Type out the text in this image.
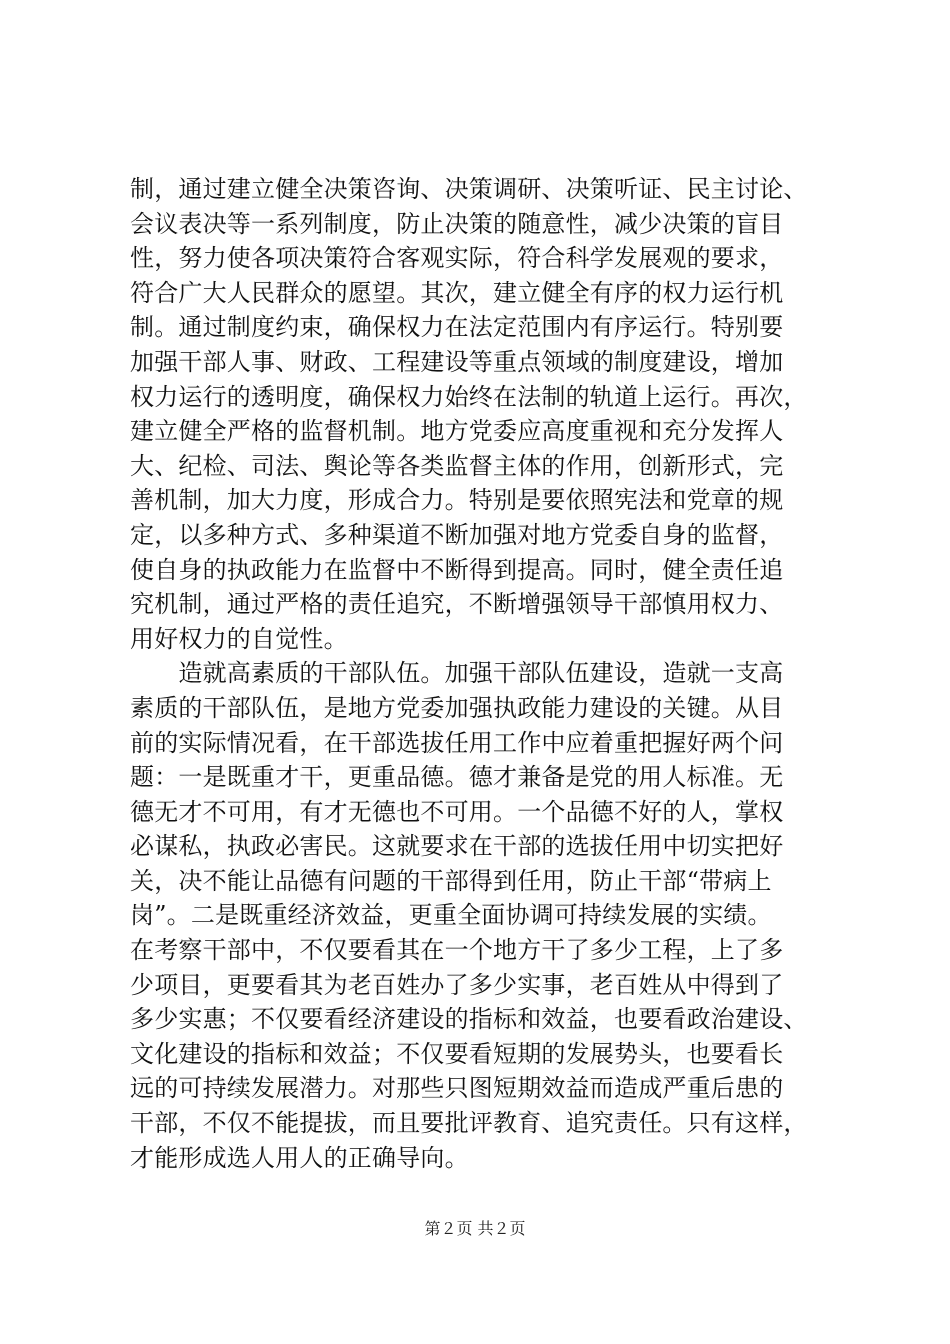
制，通过建立健全决策咨询、决策调研、决策听证、民主讨论、
会议表决等一系列制度，防止决策的随意性，减少决策的盲目
性，努力使各项决策符合客观实际，符合科学发展观的要求，
符合广大人民群众的愿望。其次，建立健全有序的权力运行机
制。通过制度约束，确保权力在法定范围内有序运行。特别要
加强干部人事、财政、工程建设等重点领域的制度建设，增加
权力运行的透明度，确保权力始终在法制的轨道上运行。再次，
建立健全严格的监督机制。地方党委应高度重视和充分发挥人
大、纪检、司法、舆论等各类监督主体的作用，创新形式，完
善机制，加大力度，形成合力。特别是要依照宪法和党章的规
定，以多种方式、多种渠道不断加强对地方党委自身的监督，
使自身的执政能力在监督中不断得到提高。同时，健全责任追
究机制，通过严格的责任追究，不断增强领导干部慎用权力、
用好权力的自觉性。
　　造就高素质的干部队伍。加强干部队伍建设，造就一支高
素质的干部队伍，是地方党委加强执政能力建设的关键。从目
前的实际情况看，在干部选拔任用工作中应着重把握好两个问
题：一是既重才干，更重品德。德才兼备是党的用人标准。无
德无才不可用，有才无德也不可用。一个品德不好的人，掌权
必谋私，执政必害民。这就要求在干部的选拔任用中切实把好
关，决不能让品德有问题的干部得到任用，防止干部“带病上
岗”。二是既重经济效益，更重全面协调可持续发展的实绩。
在考察干部中，不仅要看其在一个地方干了多少工程，上了多
少项目，更要看其为老百姓办了多少实事，老百姓从中得到了
多少实惠；不仅要看经济建设的指标和效益，也要看政治建设、
文化建设的指标和效益；不仅要看短期的发展势头，也要看长
远的可持续发展潜力。对那些只图短期效益而造成严重后患的
干部，不仅不能提拔，而且要批评教育、追究责任。只有这样，
才能形成选人用人的正确导向。
第２页 共２页
